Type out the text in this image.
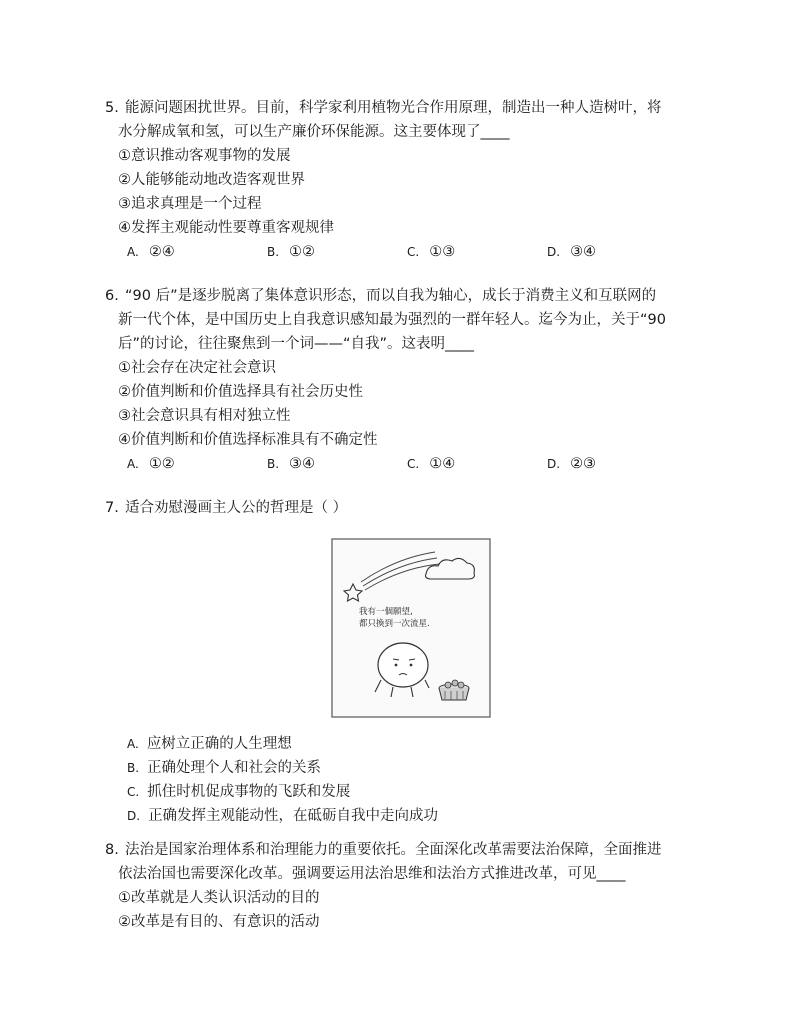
5. 能源问题困扰世界。目前，科学家利用植物光合作用原理，制造出一种人造树叶，将
水分解成氧和氢，可以生产廉价环保能源。这主要体现了____
①意识推动客观事物的发展
②人能够能动地改造客观世界
③追求真理是一个过程
④发挥主观能动性要尊重客观规律
A. ②④	B. ①②	C. ①③	D. ③④
6. “90 后”是逐步脱离了集体意识形态，而以自我为轴心，成长于消费主义和互联网的
新一代个体，是中国历史上自我意识感知最为强烈的一群年轻人。迄今为止，关于“90
后”的讨论，往往聚焦到一个词——“自我”。这表明____
①社会存在决定社会意识
②价值判断和价值选择具有社会历史性
③社会意识具有相对独立性
④价值判断和价值选择标准具有不确定性
A. ①②	B. ③④	C. ①④	D. ②③
7. 适合劝慰漫画主人公的哲理是（ ）
我有一個願望,
都只換到一次流星.
A. 应树立正确的人生理想
B. 正确处理个人和社会的关系
C. 抓住时机促成事物的飞跃和发展
D. 正确发挥主观能动性，在砥砺自我中走向成功
8. 法治是国家治理体系和治理能力的重要依托。全面深化改革需要法治保障，全面推进
依法治国也需要深化改革。强调要运用法治思维和法治方式推进改革，可见____
①改革就是人类认识活动的目的
②改革是有目的、有意识的活动
